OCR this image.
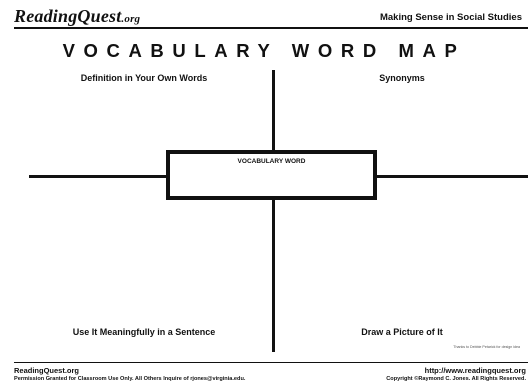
ReadingQuest.org	Making Sense in Social Studies
VOCABULARY WORD MAP
Definition in Your Own Words	Synonyms
Use It Meaningfully in a Sentence	Draw a Picture of It
VOCABULARY WORD
Thanks to Debbie Petarick for design idea
ReadingQuest.org
Permission Granted for Classroom Use Only. All Others Inquire of rjones@virginia.edu.
http://www.readingquest.org
Copyright ©Raymond C. Jones. All Rights Reserved.
